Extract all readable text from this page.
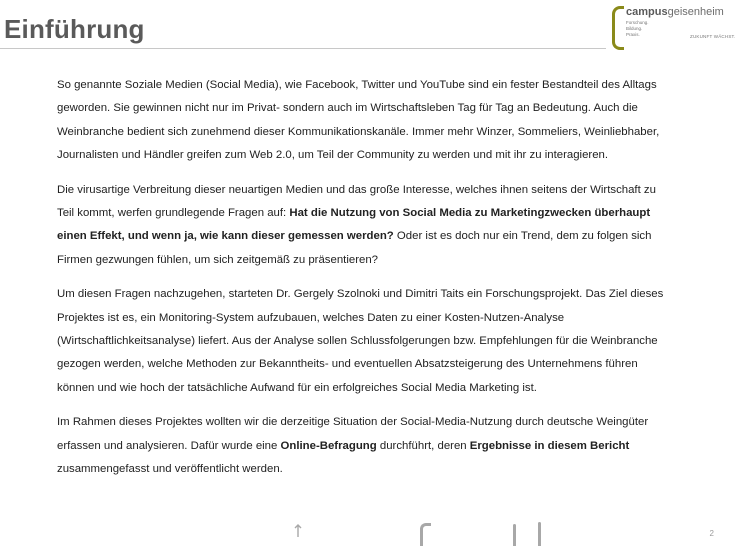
Einführung
campusgeisenheim
Forschung.
Bildung.
Praxis.	ZUKUNFT WÄCHST.

So genannte Soziale Medien (Social Media), wie Facebook, Twitter und YouTube sind ein fester Bestandteil des Alltags geworden. Sie gewinnen nicht nur im Privat- sondern auch im Wirtschaftsleben Tag für Tag an Bedeutung. Auch die Weinbranche bedient sich zunehmend dieser Kommunikationskanäle. Immer mehr Winzer, Sommeliers, Weinliebhaber, Journalisten und Händler greifen zum Web 2.0, um Teil der Community zu werden und mit ihr zu interagieren.

Die virusartige Verbreitung dieser neuartigen Medien und das große Interesse, welches ihnen seitens der Wirtschaft zu Teil kommt, werfen grundlegende Fragen auf: Hat die Nutzung von Social Media zu Marketingzwecken überhaupt einen Effekt, und wenn ja, wie kann dieser gemessen werden? Oder ist es doch nur ein Trend, dem zu folgen sich Firmen gezwungen fühlen, um sich zeitgemäß zu präsentieren?

Um diesen Fragen nachzugehen, starteten Dr. Gergely Szolnoki und Dimitri Taits ein Forschungsprojekt. Das Ziel dieses Projektes ist es, ein Monitoring-System aufzubauen, welches Daten zu einer Kosten-Nutzen-Analyse (Wirtschaftlichkeitsanalyse) liefert. Aus der Analyse sollen Schlussfolgerungen bzw. Empfehlungen für die Weinbranche gezogen werden, welche Methoden zur Bekanntheits- und eventuellen Absatzsteigerung des Unternehmens führen können und wie hoch der tatsächliche Aufwand für ein erfolgreiches Social Media Marketing ist.

Im Rahmen dieses Projektes wollten wir die derzeitige Situation der Social-Media-Nutzung durch deutsche Weingüter erfassen und analysieren. Dafür wurde eine Online-Befragung durchführt, deren Ergebnisse in diesem Bericht zusammengefasst und veröffentlicht werden.

2
